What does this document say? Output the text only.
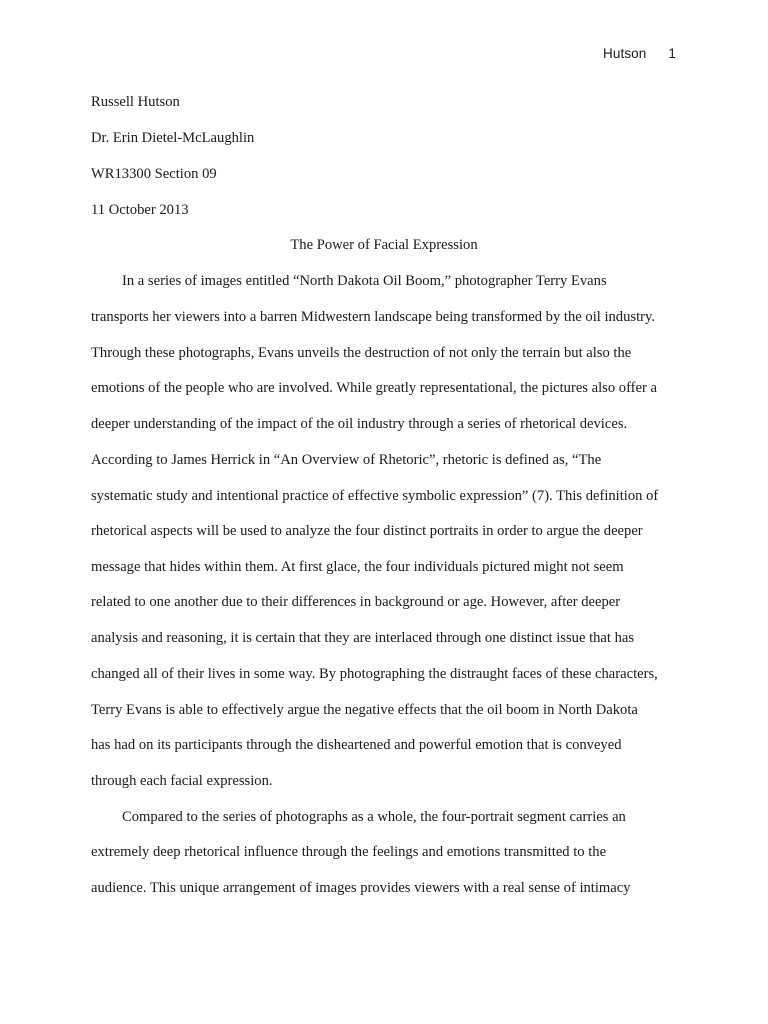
Hutson 1
Russell Hutson
Dr. Erin Dietel-McLaughlin
WR13300 Section 09
11 October 2013
The Power of Facial Expression
In a series of images entitled “North Dakota Oil Boom,” photographer Terry Evans
transports her viewers into a barren Midwestern landscape being transformed by the oil industry.
Through these photographs, Evans unveils the destruction of not only the terrain but also the
emotions of the people who are involved. While greatly representational, the pictures also offer a
deeper understanding of the impact of the oil industry through a series of rhetorical devices.
According to James Herrick in “An Overview of Rhetoric”, rhetoric is defined as, “The
systematic study and intentional practice of effective symbolic expression” (7). This definition of
rhetorical aspects will be used to analyze the four distinct portraits in order to argue the deeper
message that hides within them. At first glace, the four individuals pictured might not seem
related to one another due to their differences in background or age. However, after deeper
analysis and reasoning, it is certain that they are interlaced through one distinct issue that has
changed all of their lives in some way. By photographing the distraught faces of these characters,
Terry Evans is able to effectively argue the negative effects that the oil boom in North Dakota
has had on its participants through the disheartened and powerful emotion that is conveyed
through each facial expression.
Compared to the series of photographs as a whole, the four-portrait segment carries an
extremely deep rhetorical influence through the feelings and emotions transmitted to the
audience. This unique arrangement of images provides viewers with a real sense of intimacy
